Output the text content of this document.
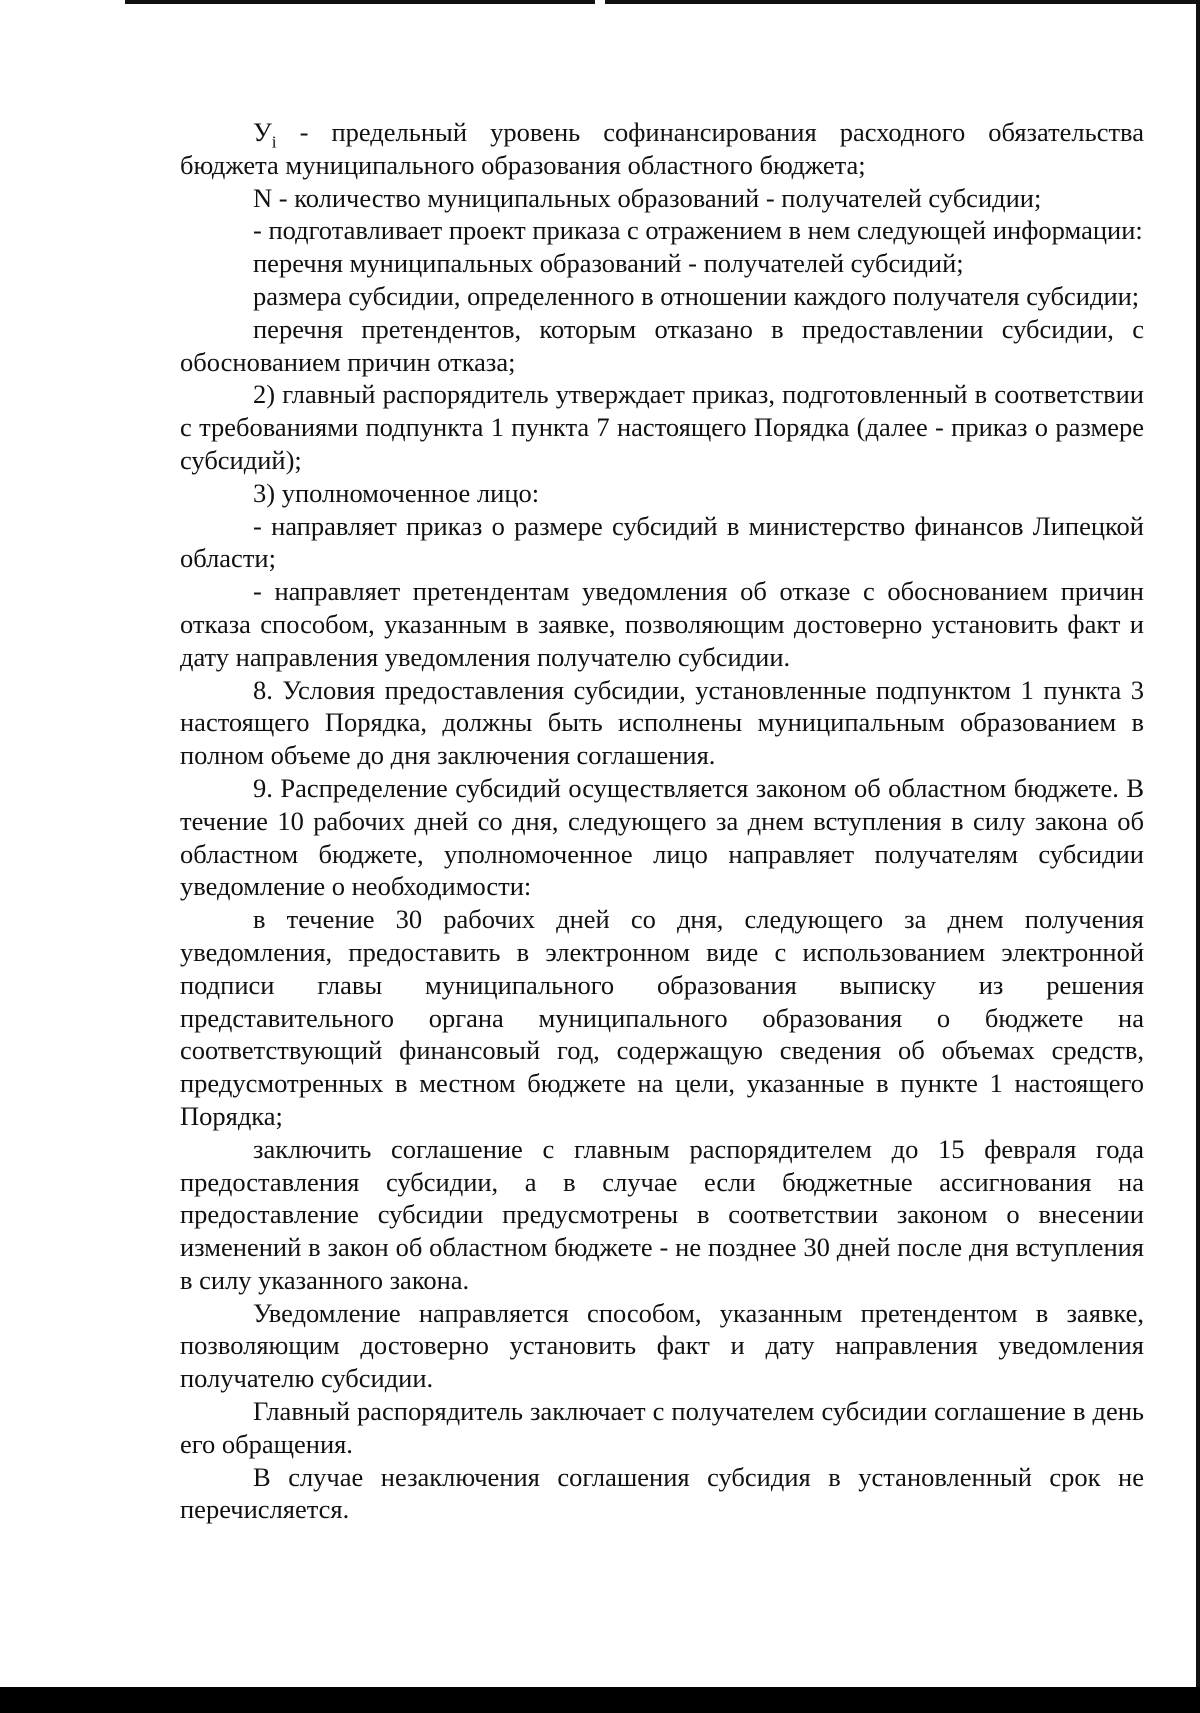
$У_i$ - предельный уровень софинансирования расходного обязательства бюджета муниципального образования областного бюджета;

N - количество муниципальных образований - получателей субсидии;

- подготавливает проект приказа с отражением в нем следующей информации:

перечня муниципальных образований - получателей субсидий;

размера субсидии, определенного в отношении каждого получателя субсидии;

перечня претендентов, которым отказано в предоставлении субсидии, с обоснованием причин отказа;

2) главный распорядитель утверждает приказ, подготовленный в соответствии с требованиями подпункта 1 пункта 7 настоящего Порядка (далее - приказ о размере субсидий);

3) уполномоченное лицо:

- направляет приказ о размере субсидий в министерство финансов Липецкой области;

- направляет претендентам уведомления об отказе с обоснованием причин отказа способом, указанным в заявке, позволяющим достоверно установить факт и дату направления уведомления получателю субсидии.

8. Условия предоставления субсидии, установленные подпунктом 1 пункта 3 настоящего Порядка, должны быть исполнены муниципальным образованием в полном объеме до дня заключения соглашения.

9. Распределение субсидий осуществляется законом об областном бюджете. В течение 10 рабочих дней со дня, следующего за днем вступления в силу закона об областном бюджете, уполномоченное лицо направляет получателям субсидии уведомление о необходимости:

в течение 30 рабочих дней со дня, следующего за днем получения уведомления, предоставить в электронном виде с использованием электронной подписи главы муниципального образования выписку из решения представительного органа муниципального образования о бюджете на соответствующий финансовый год, содержащую сведения об объемах средств, предусмотренных в местном бюджете на цели, указанные в пункте 1 настоящего Порядка;

заключить соглашение с главным распорядителем до 15 февраля года предоставления субсидии, а в случае если бюджетные ассигнования на предоставление субсидии предусмотрены в соответствии законом о внесении изменений в закон об областном бюджете - не позднее 30 дней после дня вступления в силу указанного закона.

Уведомление направляется способом, указанным претендентом в заявке, позволяющим достоверно установить факт и дату направления уведомления получателю субсидии.

Главный распорядитель заключает с получателем субсидии соглашение в день его обращения.

В случае незаключения соглашения субсидия в установленный срок не перечисляется.
